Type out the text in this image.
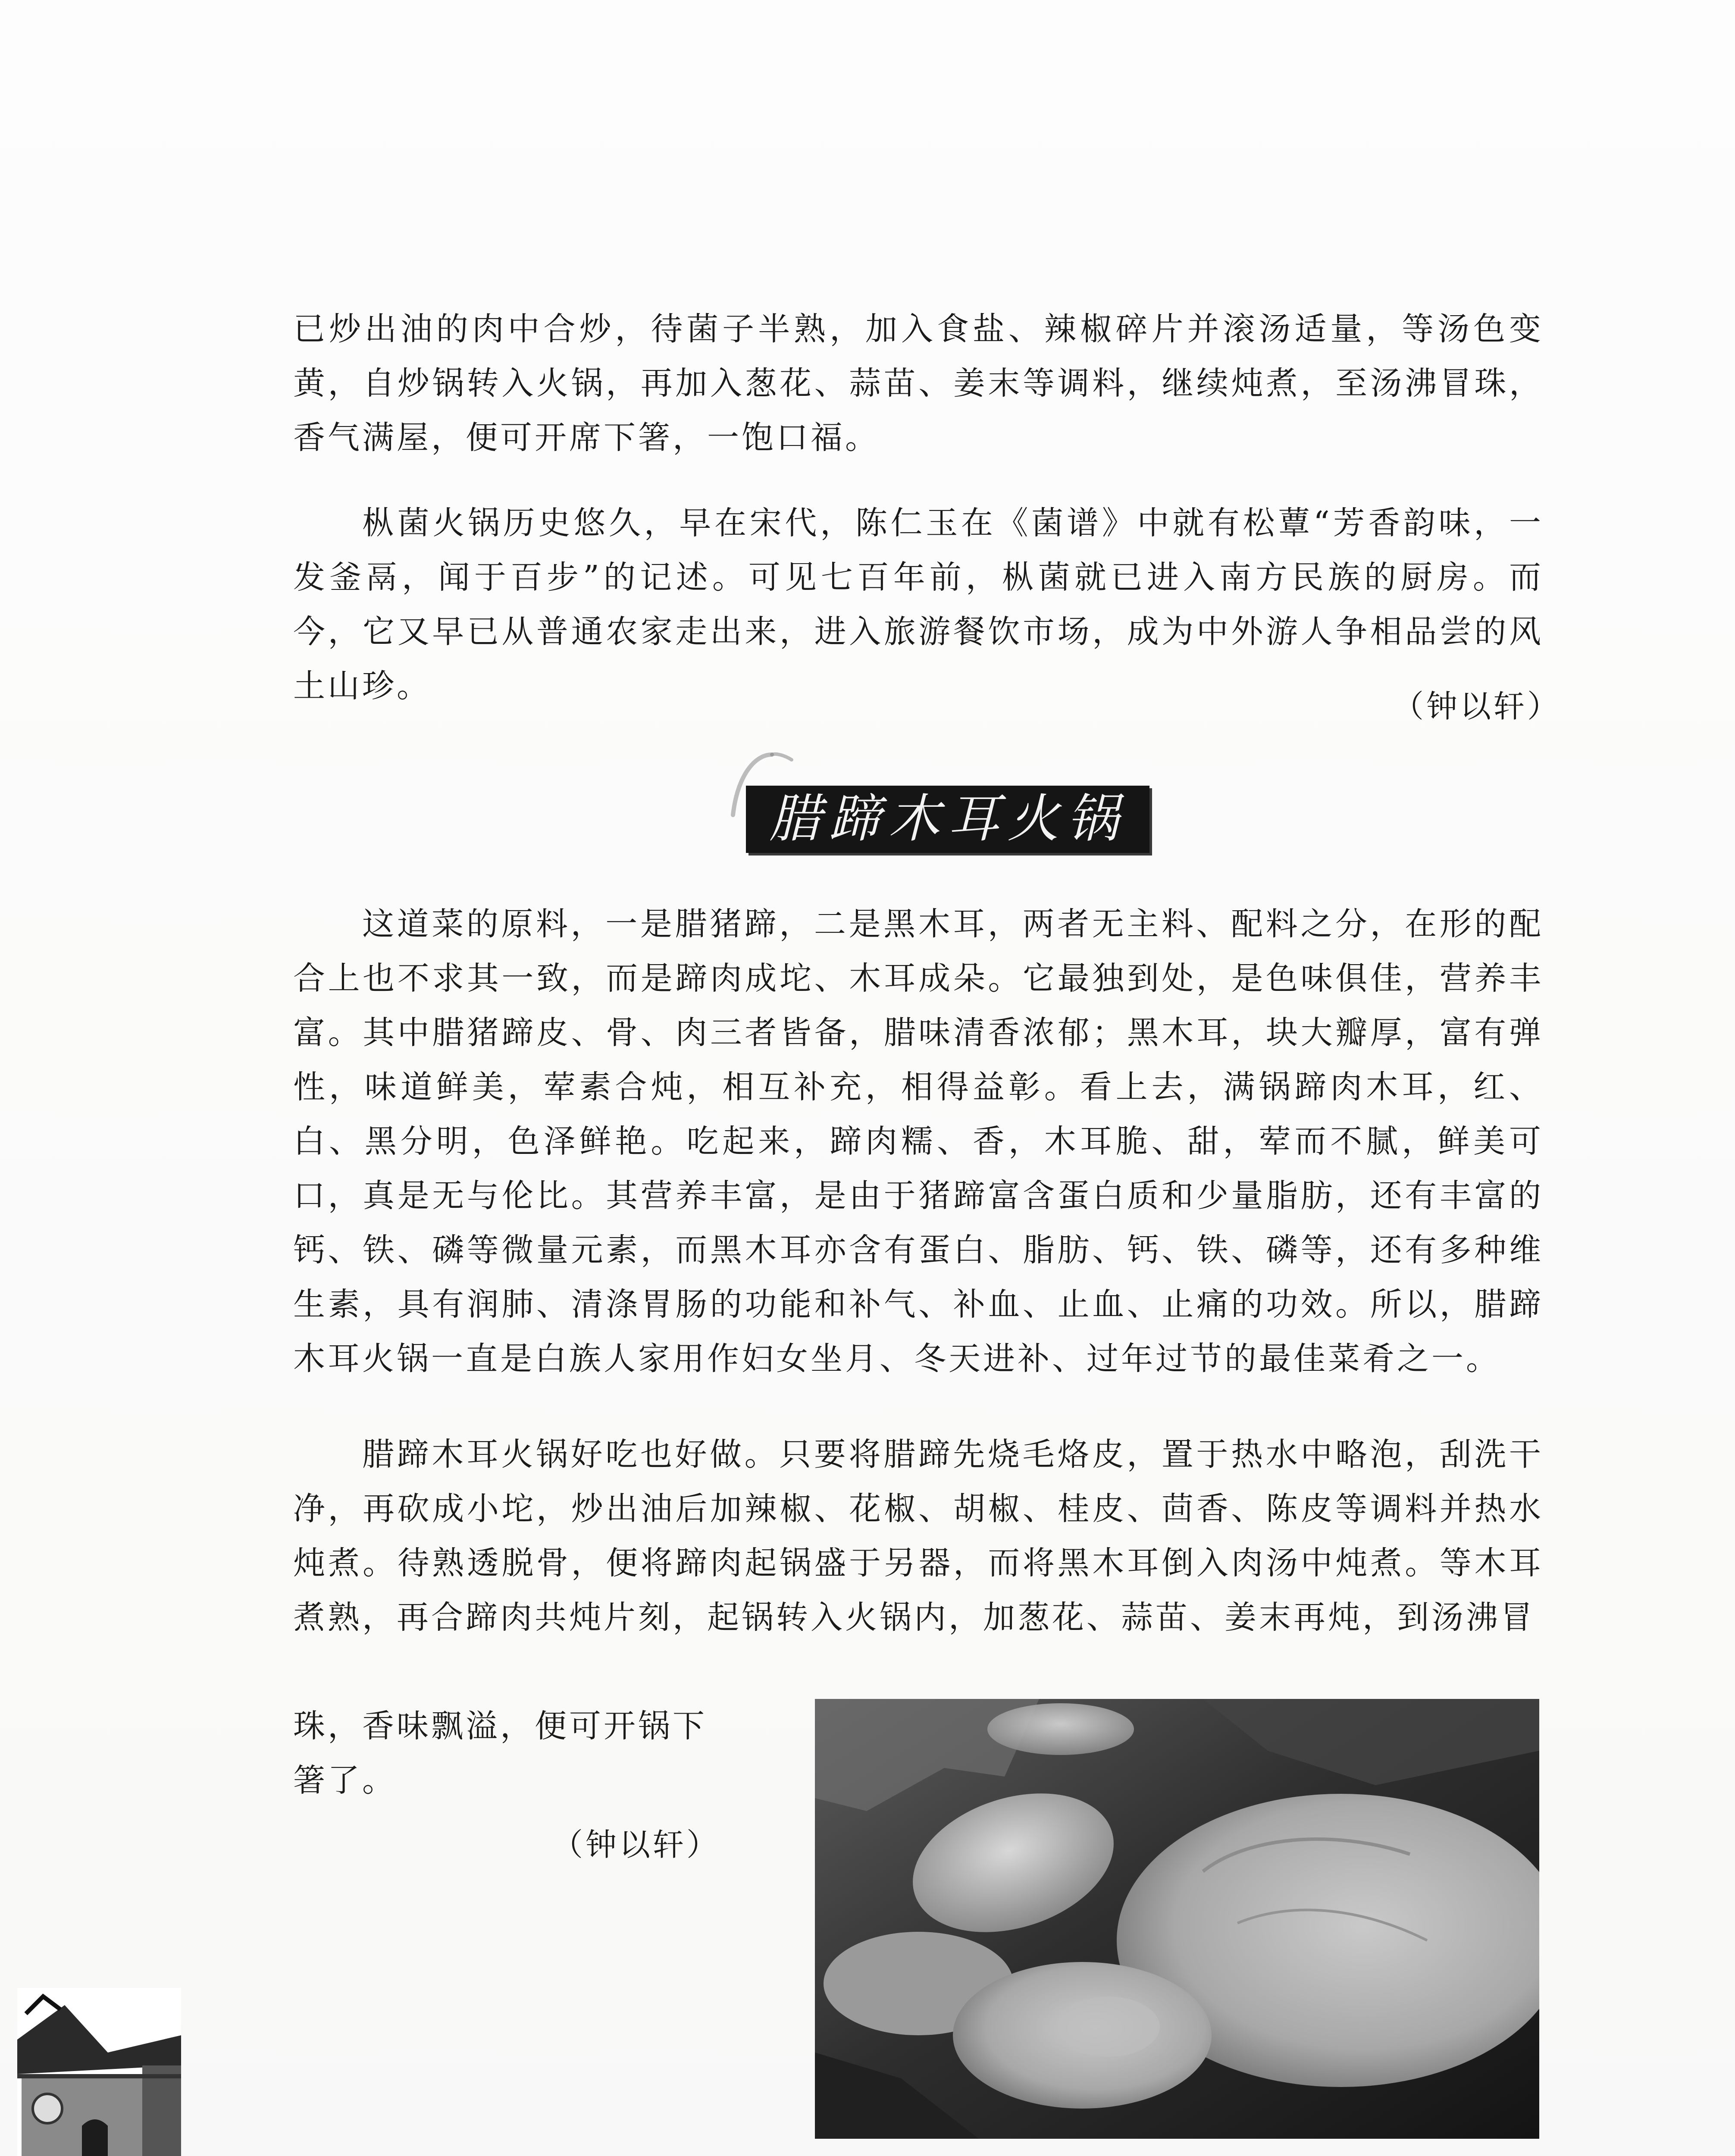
已炒出油的肉中合炒，待菌子半熟，加入食盐、辣椒碎片并滚汤适量，等汤色变黄，自炒锅转入火锅，再加入葱花、蒜苗、姜末等调料，继续炖煮，至汤沸冒珠，香气满屋，便可开席下箸，一饱口福。

枞菌火锅历史悠久，早在宋代，陈仁玉在《菌谱》中就有松蕈“芳香韵味，一发釜鬲，闻于百步”的记述。可见七百年前，枞菌就已进入南方民族的厨房。而今，它又早已从普通农家走出来，进入旅游餐饮市场，成为中外游人争相品尝的风土山珍。

（钟以轩）
腊蹄木耳火锅

这道菜的原料，一是腊猪蹄，二是黑木耳，两者无主料、配料之分，在形的配合上也不求其一致，而是蹄肉成坨、木耳成朵。它最独到处，是色味俱佳，营养丰富。其中腊猪蹄皮、骨、肉三者皆备，腊味清香浓郁；黑木耳，块大瓣厚，富有弹性，味道鲜美，荤素合炖，相互补充，相得益彰。看上去，满锅蹄肉木耳，红、白、黑分明，色泽鲜艳。吃起来，蹄肉糯、香，木耳脆、甜，荤而不腻，鲜美可口，真是无与伦比。其营养丰富，是由于猪蹄富含蛋白质和少量脂肪，还有丰富的钙、铁、磷等微量元素，而黑木耳亦含有蛋白、脂肪、钙、铁、磷等，还有多种维生素，具有润肺、清涤胃肠的功能和补气、补血、止血、止痛的功效。所以，腊蹄木耳火锅一直是白族人家用作妇女坐月、冬天进补、过年过节的最佳菜肴之一。

腊蹄木耳火锅好吃也好做。只要将腊蹄先烧毛烙皮，置于热水中略泡，刮洗干净，再砍成小坨，炒出油后加辣椒、花椒、胡椒、桂皮、茴香、陈皮等调料并热水炖煮。待熟透脱骨，便将蹄肉起锅盛于另器，而将黑木耳倒入肉汤中炖煮。等木耳煮熟，再合蹄肉共炖片刻，起锅转入火锅内，加葱花、蒜苗、姜末再炖，到汤沸冒

珠，香味飘溢，便可开锅下
箸了。
（钟以轩）
